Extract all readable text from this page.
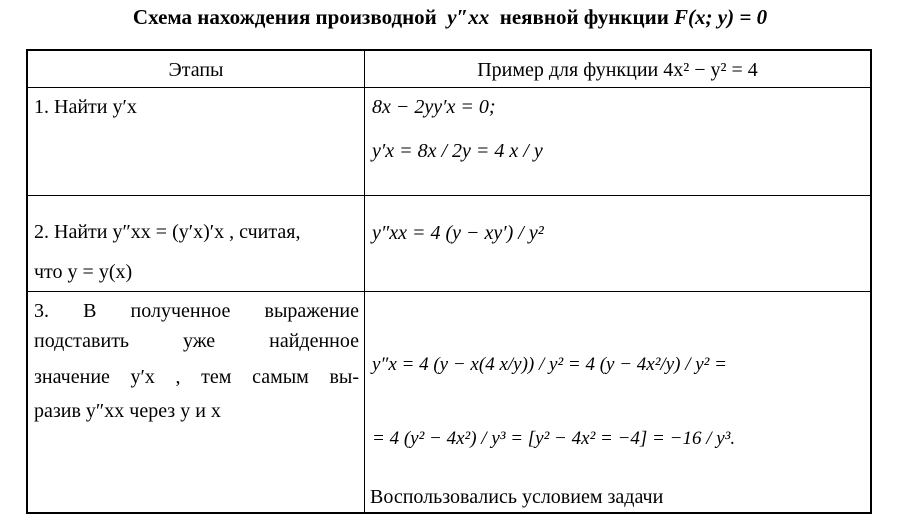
Схема нахождения производной y″xx неявной функции F(x; y) = 0
Этапы	Пример для функции 4x² − y² = 4
1. Найти y′x	8x − 2yy′x = 0;
y′x = 8x / 2y = 4 x / y
2. Найти y″xx = (y′x)′x , считая,
что y = y(x)
y″xx = 4 (y − xy′) / y²
3. В полученное выражение
подставить уже найденное
значение y′x , тем самым вы-
разив y″xx через y и x
y″x = 4 (y − x(4 x/y)) / y² = 4 (y − 4x²/y) / y² =
= 4 (y² − 4x²) / y³ = [y² − 4x² = −4] = −16 / y³.
Воспользовались условием задачи
